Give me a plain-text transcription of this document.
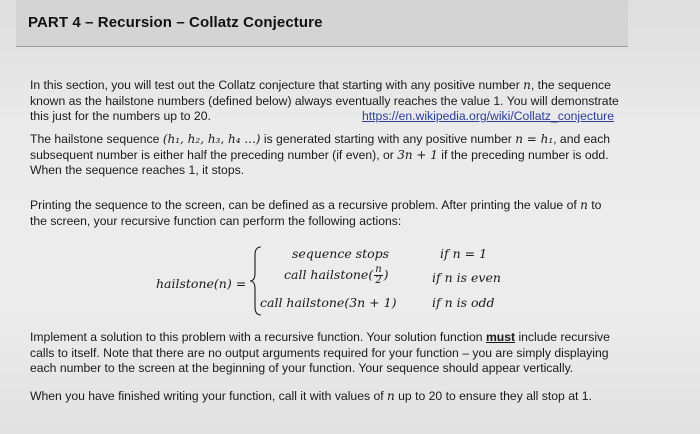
PART 4 – Recursion – Collatz Conjecture
In this section, you will test out the Collatz conjecture that starting with any positive number n, the sequence
known as the hailstone numbers (defined below) always eventually reaches the value 1. You will demonstrate
this just for the numbers up to 20.	https://en.wikipedia.org/wiki/Collatz_conjecture
The hailstone sequence (h₁, h₂, h₃, h₄ ...) is generated starting with any positive number n = h₁, and each
subsequent number is either half the preceding number (if even), or 3n + 1 if the preceding number is odd.
When the sequence reaches 1, it stops.
Printing the sequence to the screen, can be defined as a recursive problem. After printing the value of n to
the screen, your recursive function can perform the following actions:
hailstone(n) =
sequence stops	if n = 1
call hailstone( $\frac{n}{2}$ )	if n is even
call hailstone(3n + 1)	if n is odd
Implement a solution to this problem with a recursive function. Your solution function must include recursive
calls to itself. Note that there are no output arguments required for your function – you are simply displaying
each number to the screen at the beginning of your function. Your sequence should appear vertically.
When you have finished writing your function, call it with values of n up to 20 to ensure they all stop at 1.
